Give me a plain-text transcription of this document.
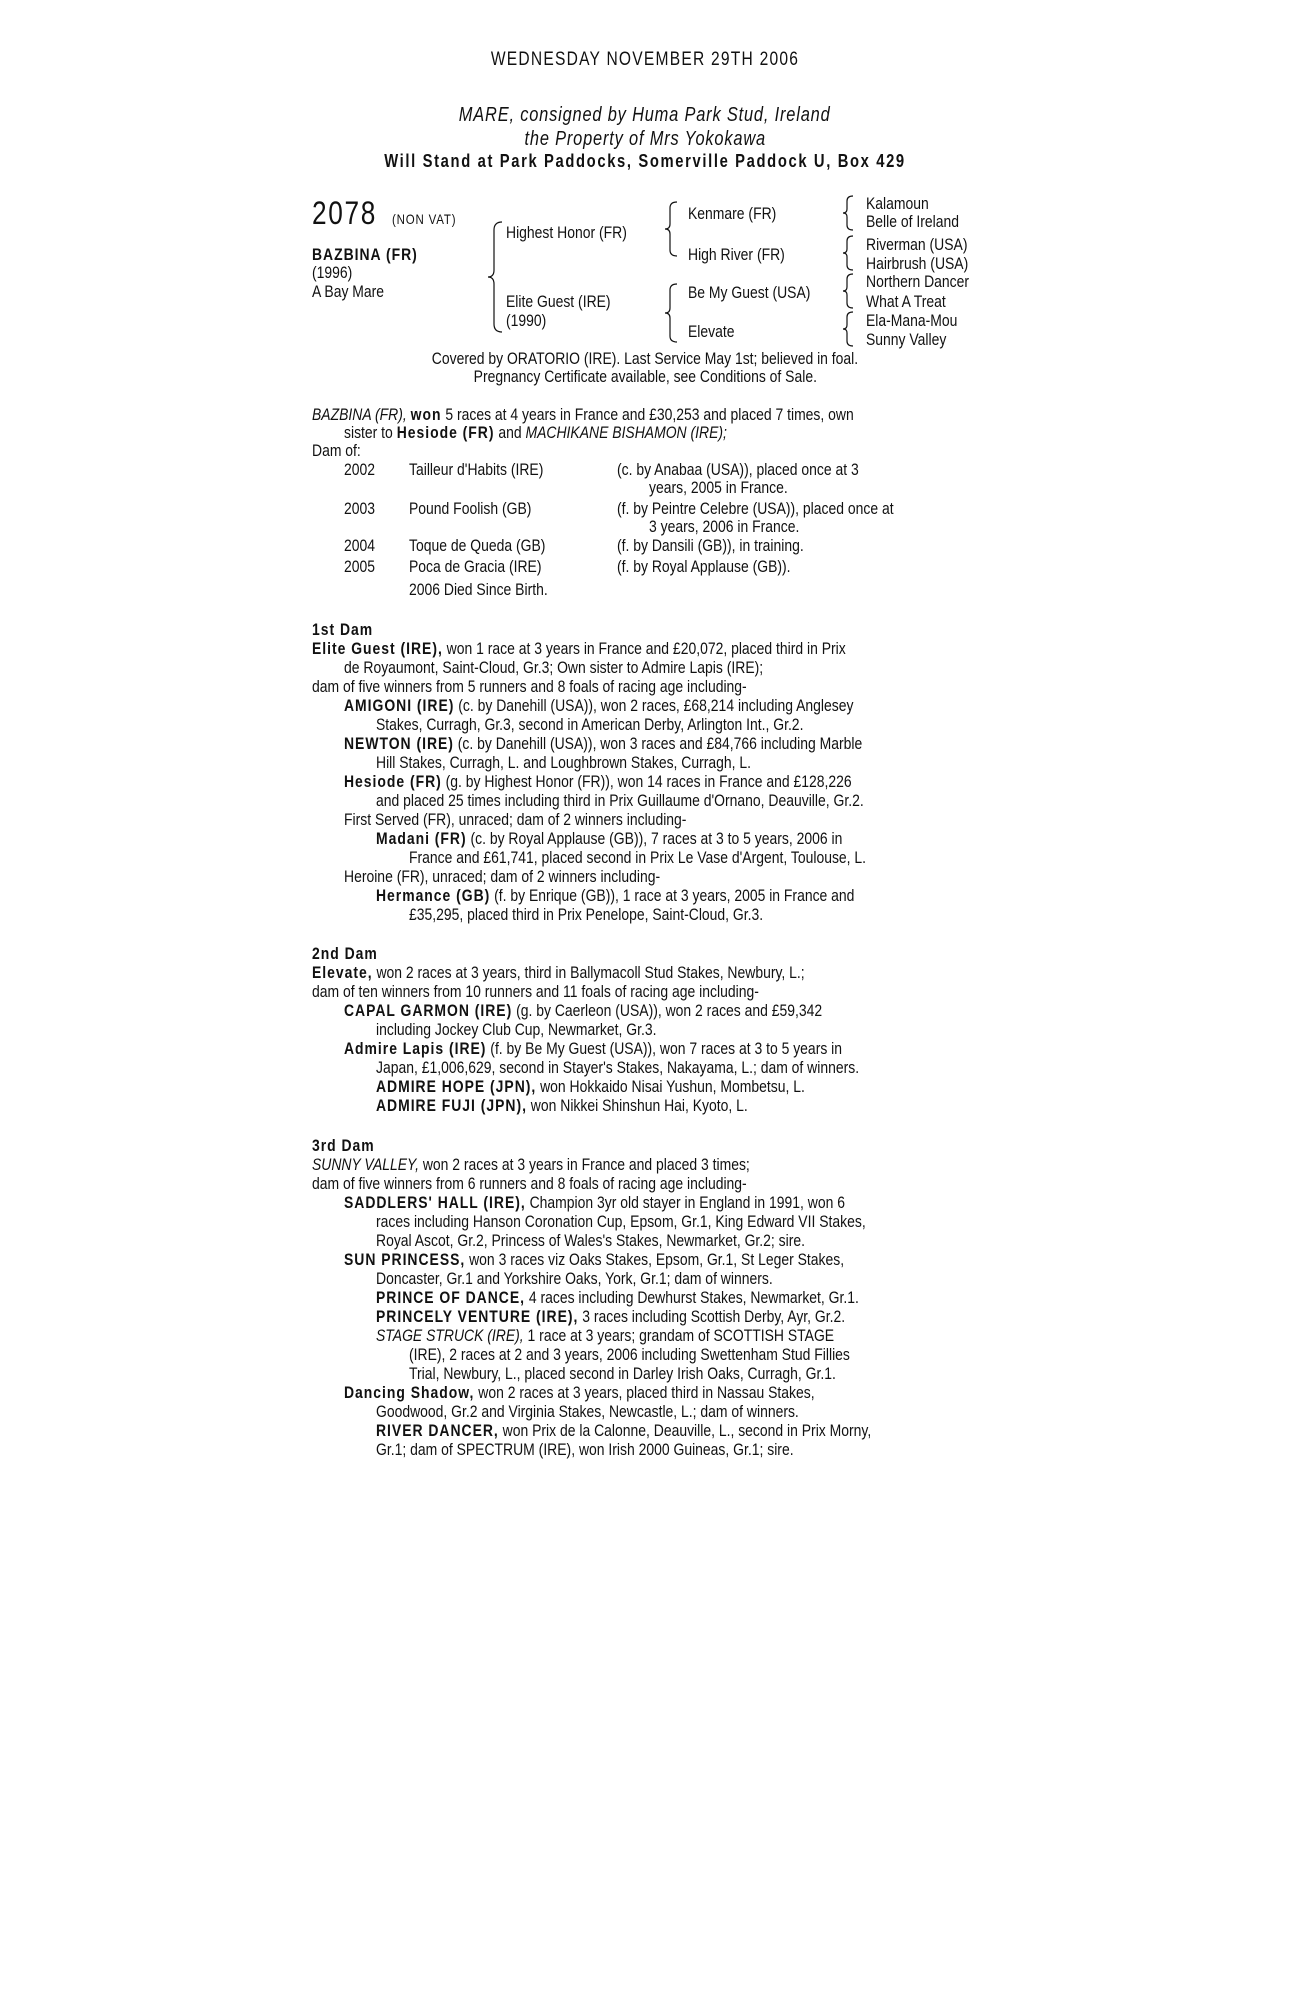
WEDNESDAY NOVEMBER 29TH 2006
MARE, consigned by Huma Park Stud, Ireland
the Property of Mrs Yokokawa
Will Stand at Park Paddocks, Somerville Paddock U, Box 429
2078 (NON VAT)
BAZBINA (FR)
(1996)
A Bay Mare
Highest Honor (FR)
Elite Guest (IRE)
(1990)
Kenmare (FR)
High River (FR)
Be My Guest (USA)
Elevate
Kalamoun
Belle of Ireland
Riverman (USA)
Hairbrush (USA)
Northern Dancer
What A Treat
Ela-Mana-Mou
Sunny Valley
Covered by ORATORIO (IRE). Last Service May 1st; believed in foal.
Pregnancy Certificate available, see Conditions of Sale.
BAZBINA (FR), won 5 races at 4 years in France and £30,253 and placed 7 times, own
sister to Hesiode (FR) and MACHIKANE BISHAMON (IRE);
Dam of:
2002 Tailleur d'Habits (IRE)	(c. by Anabaa (USA)), placed once at 3
years, 2005 in France.
2003 Pound Foolish (GB)	(f. by Peintre Celebre (USA)), placed once at
3 years, 2006 in France.
2004 Toque de Queda (GB)	(f. by Dansili (GB)), in training.
2005 Poca de Gracia (IRE)	(f. by Royal Applause (GB)).
2006 Died Since Birth.
1st Dam
Elite Guest (IRE), won 1 race at 3 years in France and £20,072, placed third in Prix
de Royaumont, Saint-Cloud, Gr.3; Own sister to Admire Lapis (IRE);
dam of five winners from 5 runners and 8 foals of racing age including-
AMIGONI (IRE) (c. by Danehill (USA)), won 2 races, £68,214 including Anglesey
Stakes, Curragh, Gr.3, second in American Derby, Arlington Int., Gr.2.
NEWTON (IRE) (c. by Danehill (USA)), won 3 races and £84,766 including Marble
Hill Stakes, Curragh, L. and Loughbrown Stakes, Curragh, L.
Hesiode (FR) (g. by Highest Honor (FR)), won 14 races in France and £128,226
and placed 25 times including third in Prix Guillaume d'Ornano, Deauville, Gr.2.
First Served (FR), unraced; dam of 2 winners including-
Madani (FR) (c. by Royal Applause (GB)), 7 races at 3 to 5 years, 2006 in
France and £61,741, placed second in Prix Le Vase d'Argent, Toulouse, L.
Heroine (FR), unraced; dam of 2 winners including-
Hermance (GB) (f. by Enrique (GB)), 1 race at 3 years, 2005 in France and
£35,295, placed third in Prix Penelope, Saint-Cloud, Gr.3.
2nd Dam
Elevate, won 2 races at 3 years, third in Ballymacoll Stud Stakes, Newbury, L.;
dam of ten winners from 10 runners and 11 foals of racing age including-
CAPAL GARMON (IRE) (g. by Caerleon (USA)), won 2 races and £59,342
including Jockey Club Cup, Newmarket, Gr.3.
Admire Lapis (IRE) (f. by Be My Guest (USA)), won 7 races at 3 to 5 years in
Japan, £1,006,629, second in Stayer's Stakes, Nakayama, L.; dam of winners.
ADMIRE HOPE (JPN), won Hokkaido Nisai Yushun, Mombetsu, L.
ADMIRE FUJI (JPN), won Nikkei Shinshun Hai, Kyoto, L.
3rd Dam
SUNNY VALLEY, won 2 races at 3 years in France and placed 3 times;
dam of five winners from 6 runners and 8 foals of racing age including-
SADDLERS' HALL (IRE), Champion 3yr old stayer in England in 1991, won 6
races including Hanson Coronation Cup, Epsom, Gr.1, King Edward VII Stakes,
Royal Ascot, Gr.2, Princess of Wales's Stakes, Newmarket, Gr.2; sire.
SUN PRINCESS, won 3 races viz Oaks Stakes, Epsom, Gr.1, St Leger Stakes,
Doncaster, Gr.1 and Yorkshire Oaks, York, Gr.1; dam of winners.
PRINCE OF DANCE, 4 races including Dewhurst Stakes, Newmarket, Gr.1.
PRINCELY VENTURE (IRE), 3 races including Scottish Derby, Ayr, Gr.2.
STAGE STRUCK (IRE), 1 race at 3 years; grandam of SCOTTISH STAGE
(IRE), 2 races at 2 and 3 years, 2006 including Swettenham Stud Fillies
Trial, Newbury, L., placed second in Darley Irish Oaks, Curragh, Gr.1.
Dancing Shadow, won 2 races at 3 years, placed third in Nassau Stakes,
Goodwood, Gr.2 and Virginia Stakes, Newcastle, L.; dam of winners.
RIVER DANCER, won Prix de la Calonne, Deauville, L., second in Prix Morny,
Gr.1; dam of SPECTRUM (IRE), won Irish 2000 Guineas, Gr.1; sire.
